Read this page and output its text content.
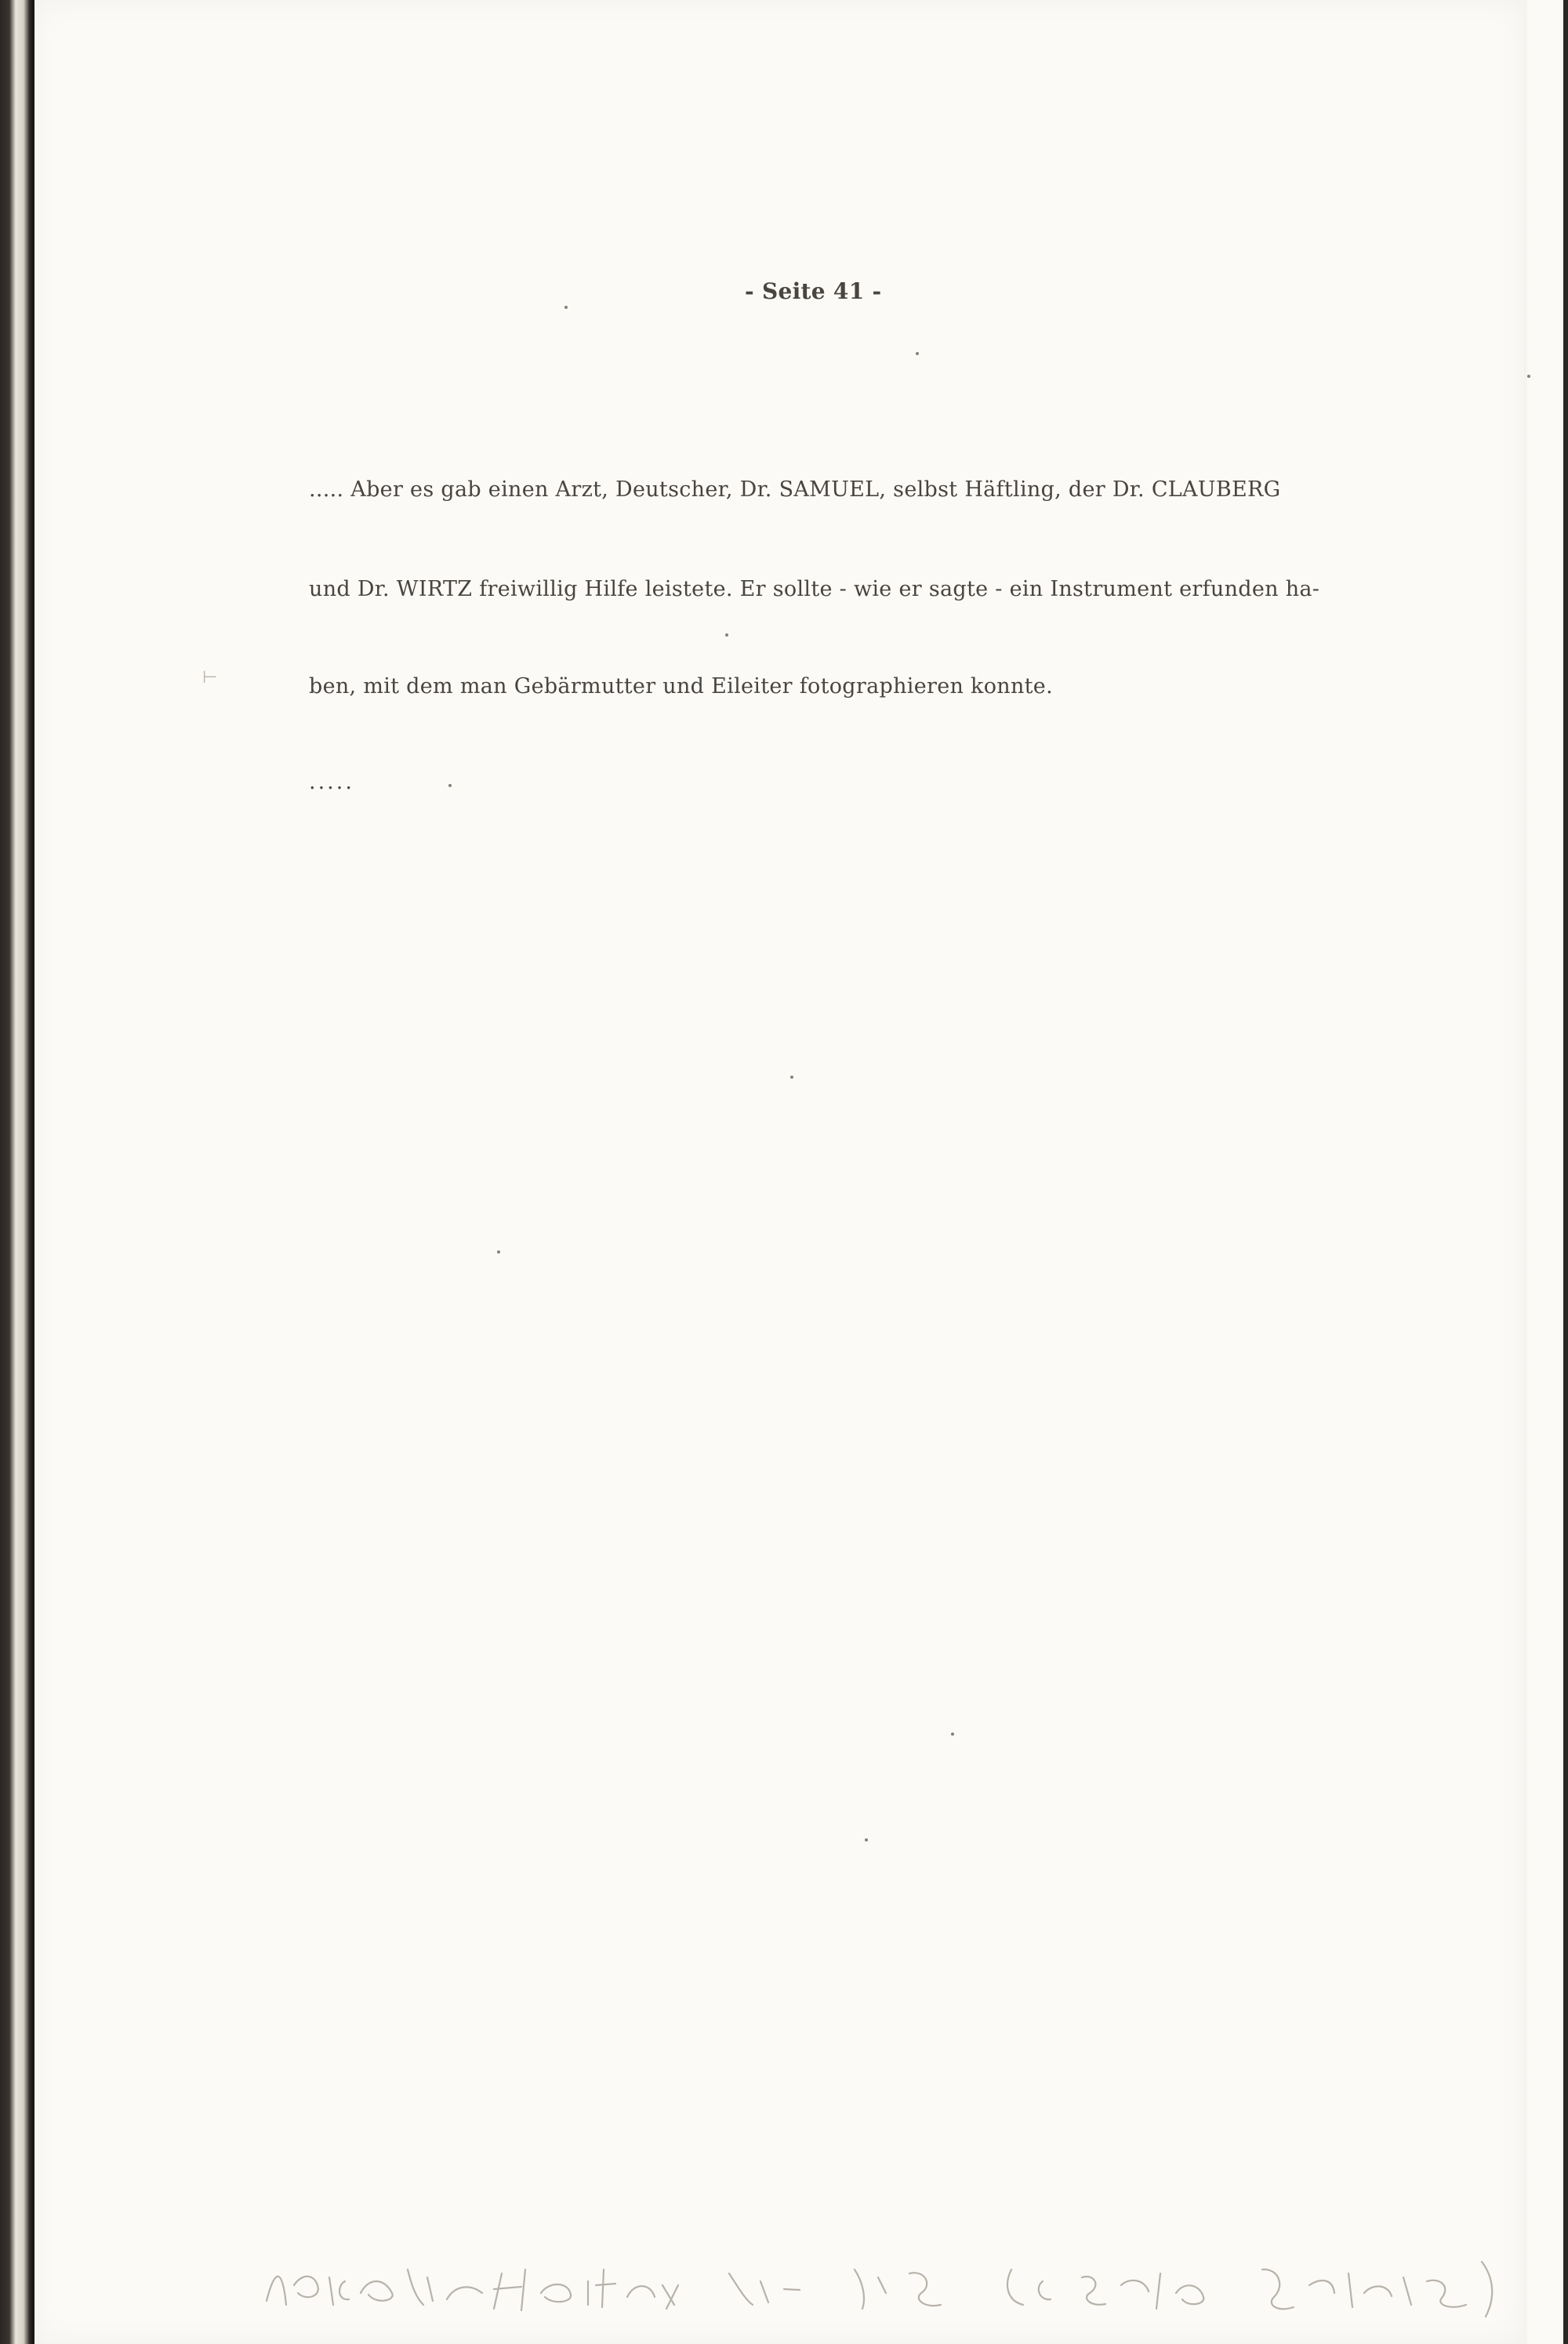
- Seite 41 -
..... Aber es gab einen Arzt, Deutscher, Dr. SAMUEL, selbst Häftling, der Dr. CLAUBERG
und Dr. WIRTZ freiwillig Hilfe leistete. Er sollte - wie er sagte - ein Instrument erfunden ha-
ben, mit dem man Gebärmutter und Eileiter fotographieren konnte.
.....
⊢
